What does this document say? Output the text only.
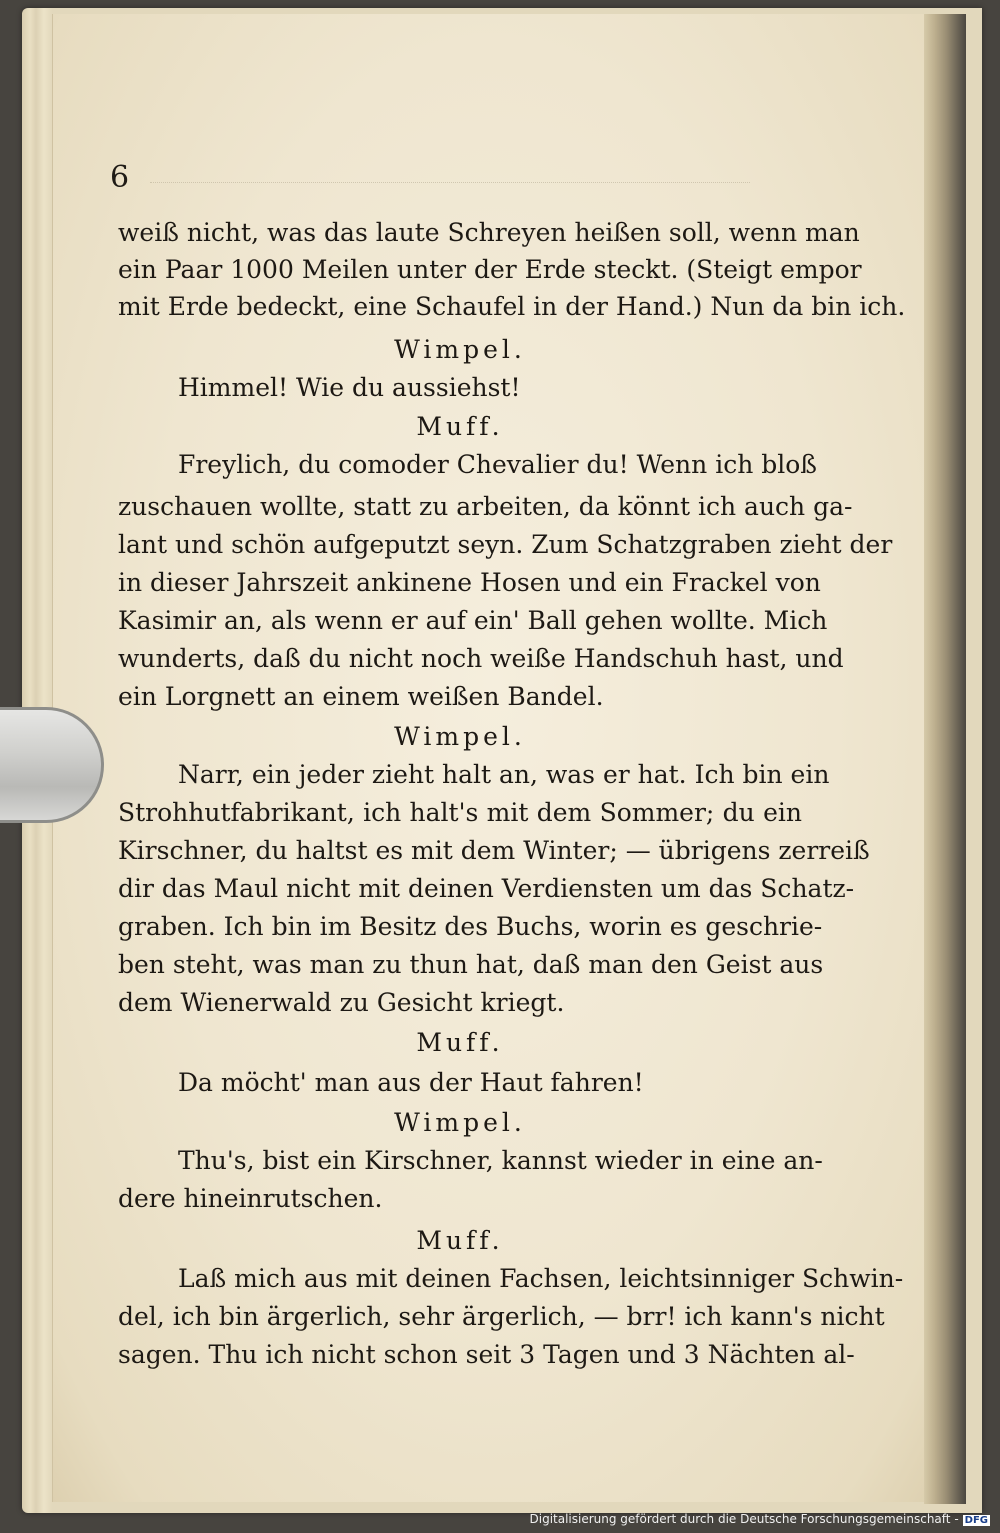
6
weiß nicht, was das laute Schreyen heißen soll, wenn man
ein Paar 1000 Meilen unter der Erde steckt. (Steigt empor
mit Erde bedeckt, eine Schaufel in der Hand.) Nun da bin ich.
Wimpel.
Himmel! Wie du aussiehst!
Muff.
Freylich, du comoder Chevalier du! Wenn ich bloß
zuschauen wollte, statt zu arbeiten, da könnt ich auch ga-
lant und schön aufgeputzt seyn. Zum Schatzgraben zieht der
in dieser Jahrszeit ankinene Hosen und ein Frackel von
Kasimir an, als wenn er auf ein' Ball gehen wollte. Mich
wunderts, daß du nicht noch weiße Handschuh hast, und
ein Lorgnett an einem weißen Bandel.
Wimpel.
Narr, ein jeder zieht halt an, was er hat. Ich bin ein
Strohhutfabrikant, ich halt's mit dem Sommer; du ein
Kirschner, du haltst es mit dem Winter; — übrigens zerreiß
dir das Maul nicht mit deinen Verdiensten um das Schatz-
graben. Ich bin im Besitz des Buchs, worin es geschrie-
ben steht, was man zu thun hat, daß man den Geist aus
dem Wienerwald zu Gesicht kriegt.
Muff.
Da möcht' man aus der Haut fahren!
Wimpel.
Thu's, bist ein Kirschner, kannst wieder in eine an-
dere hineinrutschen.
Muff.
Laß mich aus mit deinen Fachsen, leichtsinniger Schwin-
del, ich bin ärgerlich, sehr ärgerlich, — brr! ich kann's nicht
sagen. Thu ich nicht schon seit 3 Tagen und 3 Nächten al-
Digitalisierung gefördert durch die Deutsche Forschungsgemeinschaft - DFG
